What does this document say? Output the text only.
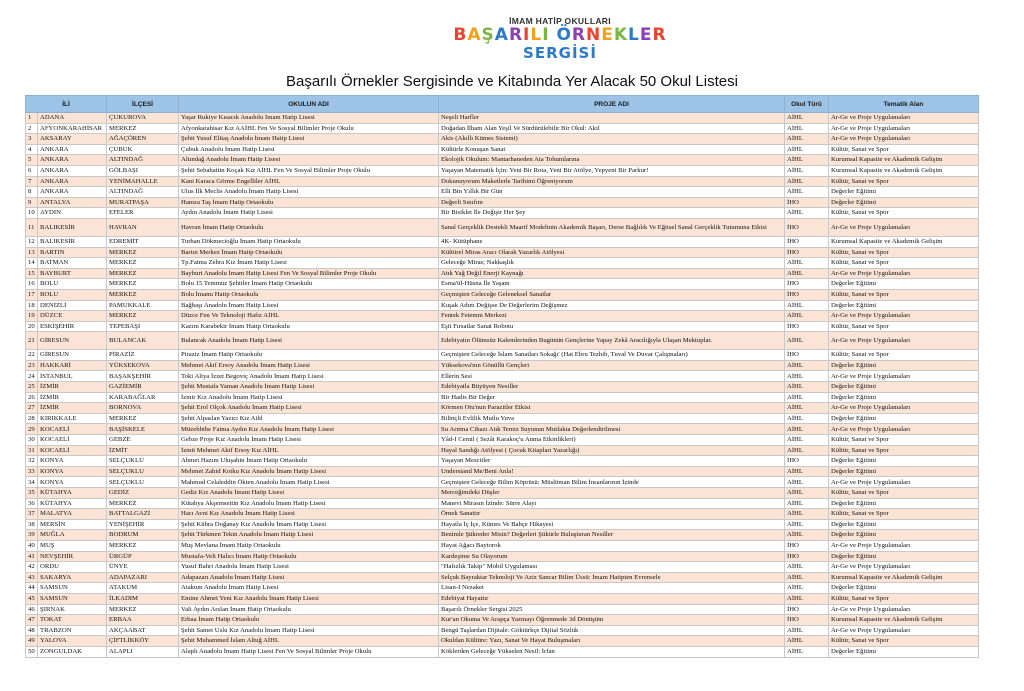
İMAM HATİP OKULLARI
BAŞARILI ÖRNEKLER
SERGİSİ
Başarılı Örnekler Sergisinde ve Kitabında Yer Alacak 50 Okul Listesi
İLİ		İLÇESİ	OKULUN ADI	PROJE ADI	Okul Türü	Tematik Alan
1	ADANA	ÇUKUROVA	Yaşar Rukiye Kısacık Anadolu İmam Hatip Lisesi	Neşeli Harfler	AİHL	Ar-Ge ve Proje Uygulamaları
2	AFYONKARAHİSAR	MERKEZ	Afyonkarahisar Kız AAİHL Fen Ve Sosyal Bilimler Proje Okulu	Doğadan İlham Alan Yeşil Ve Sürdürülebilir Bir Okul: Akil	AİHL	Ar-Ge ve Proje Uygulamaları
3	AKSARAY	AĞAÇÖREN	Şehit Yusuf Elitaş Anadolu İmam Hatip Lisesi	Akis (Akıllı Kümes Sistemi)	AİHL	Ar-Ge ve Proje Uygulamaları
4	ANKARA	ÇUBUK	Çubuk Anadolu İmam Hatip Lisesi	Kültürle Konuşan Sanat	AİHL	Kültür, Sanat ve Spor
5	ANKARA	ALTINDAĞ	Altındağ Anadolu İmam Hatip Lisesi	Ekolojik Okulum: Mantarhaneden Ata Tohumlarına	AİHL	Kurumsal Kapasite ve Akademik Gelişim
6	ANKARA	GÖLBAŞI	Şehit Sebahattin Koçak Kız AİHL Fen Ve Sosyal Bilimler Proje Okulu	Yaşayan Matematik İçin: Yeni Bir Rota, Yeni Bir Atölye, Yepyeni Bir Parkur!	AİHL	Kurumsal Kapasite ve Akademik Gelişim
7	ANKARA	YENİMAHALLE	Kani Karaca Görme Engelliler AİHL	Dokunuyorum Maketlerle Tarihimi Öğreniyorum	AİHL	Kültür, Sanat ve Spor
8	ANKARA	ALTINDAĞ	Ulus İlk Meclis Anadolu İmam Hatip Lisesi	Elli Bin Yıllık Bir Gün	AİHL	Değerler Eğitimi
9	ANTALYA	MURATPAŞA	Hamza Taş İmam Hatip Ortaokulu	Değerli Sınıfım	İHO	Değerler Eğitimi
10	AYDIN	EFELER	Aydın Anadolu İmam Hatip Lisesi	Bir Bisiklet İle Değişir Her Şey	AİHL	Kültür, Sanat ve Spor
11	BALIKESİR	HAVRAN	Havran İmam Hatip Ortaokulu	Sanal Gerçeklik Destekli Maarif Modelinin Akademik Başarı, Derse Bağlılık Ve Eğitsel Sanal Gerçeklik Tutumuna Etkisi	İHO	Ar-Ge ve Proje Uygulamaları
12	BALIKESİR	EDREMİT	Turhan Dökmecioğlu İmam Hatip Ortaokulu	4K- Kütüphane	İHO	Kurumsal Kapasite ve Akademik Gelişim
13	BARTIN	MERKEZ	Bartın Merkez İmam Hatip Ortaokulu	Kültürel Miras Aracı Olarak Yazarlık Atölyesi	İHO	Kültür, Sanat ve Spor
14	BATMAN	MERKEZ	Tp.Fatma Zehra Kız İmam Hatip Lisesi	Geleceğe Miras; Nakkaşlık	AİHL	Kültür, Sanat ve Spor
15	BAYBURT	MERKEZ	Bayburt Anadolu İmam Hatip Lisesi Fen Ve Sosyal Bilimler Proje Okulu	Atık Yağ Değil Enerji Kaynağı	AİHL	Ar-Ge ve Proje Uygulamaları
16	BOLU	MERKEZ	Bolu 15 Temmuz Şehitler İmam Hatip Ortaokulu	Esma'ül-Hüsna İle Yaşam	İHO	Değerler Eğitimi
17	BOLU	MERKEZ	Bolu İmamı Hatip Ortaokulu	Geçmişten Geleceğe Geleneksel Sanatlar	İHO	Kültür, Sanat ve Spor
18	DENİZLİ	PAMUKKALE	Bağbaşı Anadolu İmam Hatip Lisesi	Kuşak Adım Değişse De Değerlerim Değişmez	AİHL	Değerler Eğitimi
19	DÜZCE	MERKEZ	Düzce Fen Ve Teknoloji Hafız AİHL	Fentek Fetemm Merkezi	AİHL	Ar-Ge ve Proje Uygulamaları
20	ESKİŞEHİR	TEPEBAŞI	Kazım Karabekir İmam Hatip Ortaokulu	Eşit Fırsatlar Sanat Robotu	İHO	Kültür, Sanat ve Spor
21	GİRESUN	BULANCAK	Bulancak Anadolu İmam Hatip Lisesi	Edebiyatın Ölümsüz Kalemlerinden Bugünün Gençlerine Yapay Zekâ Aracılığıyla Ulaşan Mektuplar.	AİHL	Ar-Ge ve Proje Uygulamaları
22	GİRESUN	PİRAZİZ	Piraziz İmam Hatip Ortaokulu	Geçmişten Geleceğe İslam Sanatları Sokağı' (Hat Ebru Tezhib, Tuval Ve Duvar Çalışmaları)	İHO	Kültür, Sanat ve Spor
23	HAKKARİ	YÜKSEKOVA	Mehmet Akif Ersoy Anadolu İmam Hatip Lisesi	Yüksekova'nın Gönüllü Gençleri	AİHL	Değerler Eğitimi
24	İSTANBUL	BAŞAKŞEHİR	Toki Aliya İzzet Begoviç Anadolu İmam Hatip Lisesi	Ellerin Sesi	AİHL	Ar-Ge ve Proje Uygulamaları
25	İZMİR	GAZİEMİR	Şehit Mustafa Yaman Anadolu İmam Hatip Lisesi	Edebiyatla Büyüyen Nesiller	AİHL	Değerler Eğitimi
26	İZMİR	KARABAĞLAR	İzmir Kız Anadolu İmam Hatip Lisesi	Bir Hadis Bir Değer	AİHL	Değerler Eğitimi
27	İZMİR	BORNOVA	Şehit Erol Olçok Anadolu İmam Hatip Lisesi	Körmen Otu'nun Parazitler Etkisi	AİHL	Ar-Ge ve Proje Uygulamaları
28	KIRIKKALE	MERKEZ	Şehit Alpaslan Yazıcı Kız Aihl	Bilinçli Evlilik Mutlu Yuva	AİHL	Değerler Eğitimi
29	KOCAELİ	BAŞİSKELE	Müzehhibe Fatma Aydın Kız Anadolu İmam Hatip Lisesi	Su Arıtma Cihazı Atık Temiz Suyunun Mutfakta Değerlendirilmesi	AİHL	Ar-Ge ve Proje Uygulamaları
30	KOCAELİ	GEBZE	Gebze Proje Kız Anadolu İmam Hatip Lisesi	Yâd-I Cemil ( Sezâi Karakoç'u Anma Etkinlikleri)	AİHL	Kültür, Sanat ve Spor
31	KOCAELİ	İZMİT	İzmit Mehmet Akif Ersoy Kız AİHL	Hayal Sandığı Atölyesi ( Çocuk Kitapları Yazarlığı)	AİHL	Kültür, Sanat ve Spor
32	KONYA	SELÇUKLU	Ahmet Hazım Uluşahin İmam Hatip Ortaokulu	Yaşayan Mescitler	İHO	Değerler Eğitimi
33	KONYA	SELÇUKLU	Mehmet Zahid Kotku Kız Anadolu İmam Hatip Lisesi	Understand Me/Beni Anla!	AİHL	Değerler Eğitimi
34	KONYA	SELÇUKLU	Mahmud Celaleddin Ökten Anadolu İmam Hatip Lisesi	Geçmişten Geleceğe Bilim Köprüsü: Müslüman Bilim İnsanlarının İzinde	AİHL	Ar-Ge ve Proje Uygulamaları
35	KÜTAHYA	GEDİZ	Gediz Kız Anadolu İmam Hatip Lisesi	Merceğimdeki Düşler	AİHL	Kültür, Sanat ve Spor
36	KÜTAHYA	MERKEZ	Kütahya Akşemsettin Kız Anadolu İmam Hatip Lisesi	Manevi Mirasın İzinde: Sürre Alayı	AİHL	Değerler Eğitimi
37	MALATYA	BATTALGAZİ	Hacı Avni Kız Anadolu İmam Hatip Lisesi	Örnek Sanattır	AİHL	Kültür, Sanat ve Spor
38	MERSİN	YENİŞEHİR	Şehit Kübra Doğanay Kız Anadolu İmam Hatip Lisesi	Hayatla İç İçe, Kümes Ve Bahçe Hikayesi	AİHL	Değerler Eğitimi
39	MUĞLA	BODRUM	Şehit Türkmen Tekin Anadolu İmam Hatip Lisesi	Benimle Şükreder Misin? Değerleri Şükürle Buluşturan Nesiller	AİHL	Değerler Eğitimi
40	MUŞ	MERKEZ	Muş Mevlana İmam Hatip Ortaokulu	Hayat Ağacı Baytorok	İHO	Ar-Ge ve Proje Uygulamaları
41	NEVŞEHİR	ÜRGÜP	Mustafa-Veli Halıcı İmam Hatip Ortaokulu	Kardeşime Su Olayorum	İHO	Değerler Eğitimi
42	ORDU	ÜNYE	Yusuf Bahri Anadolu İmam Hatip Lisesi	"Hafızlık Takip" Mobil Uygulaması	AİHL	Ar-Ge ve Proje Uygulamaları
43	SAKARYA	ADAPAZARI	Adapazarı Anadolu İmam Hatip Lisesi	Selçuk Bayraktar Teknoloji Ve Aziz Sancar Bilim Üssü: İmam Hatipten Evrensele	AİHL	Kurumsal Kapasite ve Akademik Gelişim
44	SAMSUN	ATAKUM	Atakum Anadolu İmam Hatip Lisesi	Lisan-I Nezaket	AİHL	Değerler Eğitimi
45	SAMSUN	İLKADIM	Emine Ahmet Yeni Kız Anadolu İmam Hatip Lisesi	Edebiyat Hayattır	AİHL	Kültür, Sanat ve Spor
46	ŞIRNAK	MERKEZ	Vali Aydın Arslan İmam Hatip Ortaokulu	Başarılı Örnekler Sergisi 2025	İHO	Ar-Ge ve Proje Uygulamaları
47	TOKAT	ERBAA	Erbaa İmam Hatip Ortaokulu	Kur'an Okuma Ve Arapça Yazmayı Öğrenmede 3d Dönüşüm	İHO	Kurumsal Kapasite ve Akademik Gelişim
48	TRABZON	AKÇAABAT	Şehit Samet Uslu Kız Anadolu İmam Hatip Lisesi	Bengü Taşlardan Dijitale: Göktürkçe Dijital Sözlük	AİHL	Ar-Ge ve Proje Uygulamaları
49	YALOVA	ÇİFTLİKKÖY	Şehit Muhammed İslam Altuğ AİHL	Okuldan Kültüre: Yazı, Sanat Ve Hayat Buluşmaları	AİHL	Kültür, Sanat ve Spor
50	ZONGULDAK	ALAPLI	Alaplı Anadolu İmam Hatip Lisesi Fen Ve Sosyal Bilimler Proje Okulu	Köklerden Geleceğe Yükselen Nesil: İrfan	AİHL	Değerler Eğitimi
